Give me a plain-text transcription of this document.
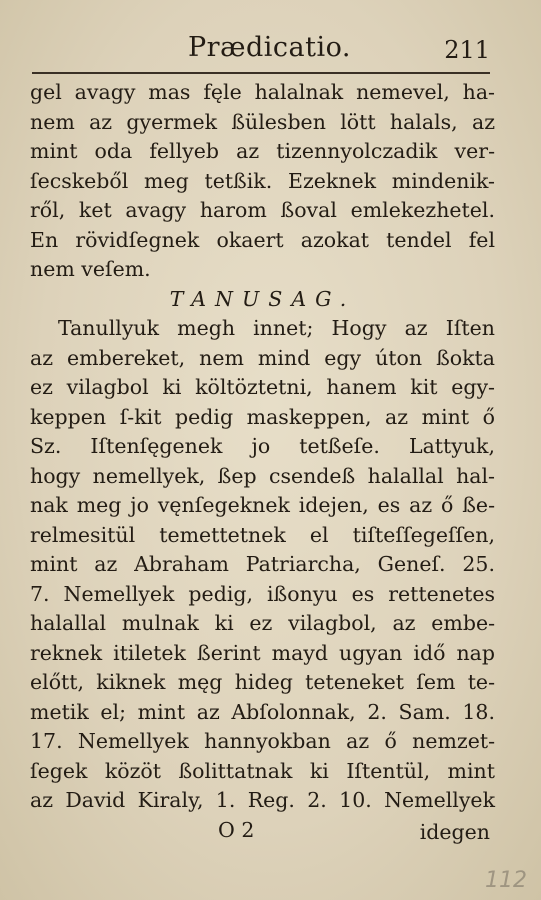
Prædicatio.	211
gel avagy mas fęle halalnak nemevel, ha-
nem az gyermek ßülesben lött halals, az
mint oda fellyeb az tizennyolczadik ver-
ſecskeből meg tetßik. Ezeknek mindenik-
ről, ket avagy harom ßoval emlekezhetel.
En rövidſegnek okaert azokat tendel fel
nem veſem.
TANUSAG.
Tanullyuk megh innet; Hogy az Iſten
az embereket, nem mind egy úton ßokta
ez vilagbol ki költöztetni, hanem kit egy-
keppen ſ-kit pedig maskeppen, az mint ő
Sz. Iſtenſęgenek jo tetßeſe. Lattyuk,
hogy nemellyek, ßep csendeß halallal hal-
nak meg jo vęnſegeknek idejen, es az ő ße-
relmesitül temettetnek el tiſteſſegeſſen,
mint az Abraham Patriarcha, Geneſ. 25.
7. Nemellyek pedig, ißonyu es rettenetes
halallal mulnak ki ez vilagbol, az embe-
reknek itiletek ßerint mayd ugyan idő nap
előtt, kiknek męg hideg teteneket ſem te-
metik el; mint az Abſolonnak, 2. Sam. 18.
17. Nemellyek hannyokban az ő nemzet-
ſegek közöt ßolittatnak ki Iſtentül, mint
az David Kiraly, 1. Reg. 2. 10. Nemellyek
O 2	idegen
112
